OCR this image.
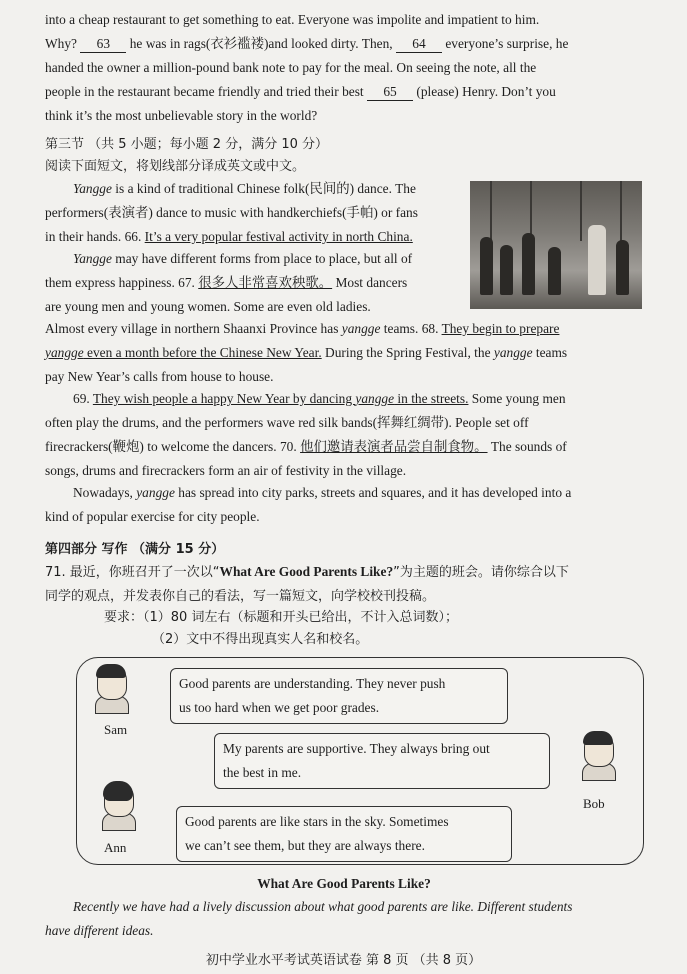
into a cheap restaurant to get something to eat. Everyone was impolite and impatient to him.
Why? 63 he was in rags(衣衫褴褛)and looked dirty. Then, 64 everyone’s surprise, he
handed the owner a million-pound bank note to pay for the meal. On seeing the note, all the
people in the restaurant became friendly and tried their best 65 (please) Henry. Don’t you
think it’s the most unbelievable story in the world?
第三节 （共 5 小题；每小题 2 分，满分 10 分）
阅读下面短文，将划线部分译成英文或中文。
Yangge is a kind of traditional Chinese folk(民间的) dance. The
performers(表演者) dance to music with handkerchiefs(手帕) or fans
in their hands. 66. It’s a very popular festival activity in north China.
Yangge may have different forms from place to place, but all of
them express happiness. 67. 很多人非常喜欢秧歌。 Most dancers
are young men and young women. Some are even old ladies.
Almost every village in northern Shaanxi Province has yangge teams. 68. They begin to prepare
yangge even a month before the Chinese New Year. During the Spring Festival, the yangge teams
pay New Year’s calls from house to house.
69. They wish people a happy New Year by dancing yangge in the streets. Some young men
often play the drums, and the performers wave red silk bands(挥舞红绸带). People set off
firecrackers(鞭炮) to welcome the dancers. 70. 他们邀请表演者品尝自制食物。 The sounds of
songs, drums and firecrackers form an air of festivity in the village.
Nowadays, yangge has spread into city parks, streets and squares, and it has developed into a
kind of popular exercise for city people.
第四部分 写作 （满分 15 分）
71. 最近，你班召开了一次以“What Are Good Parents Like?”为主题的班会。请你综合以下
同学的观点，并发表你自己的看法，写一篇短文，向学校校刊投稿。
要求：（1）80 词左右（标题和开头已给出，不计入总词数）；
（2）文中不得出现真实人名和校名。
Sam
Good parents are understanding. They never push
us too hard when we get poor grades.
My parents are supportive. They always bring out
the best in me.
Bob
Ann
Good parents are like stars in the sky. Sometimes
we can’t see them, but they are always there.
What Are Good Parents Like?
Recently we have had a lively discussion about what good parents are like. Different students
have different ideas.
初中学业水平考试英语试卷 第 8 页 （共 8 页）
